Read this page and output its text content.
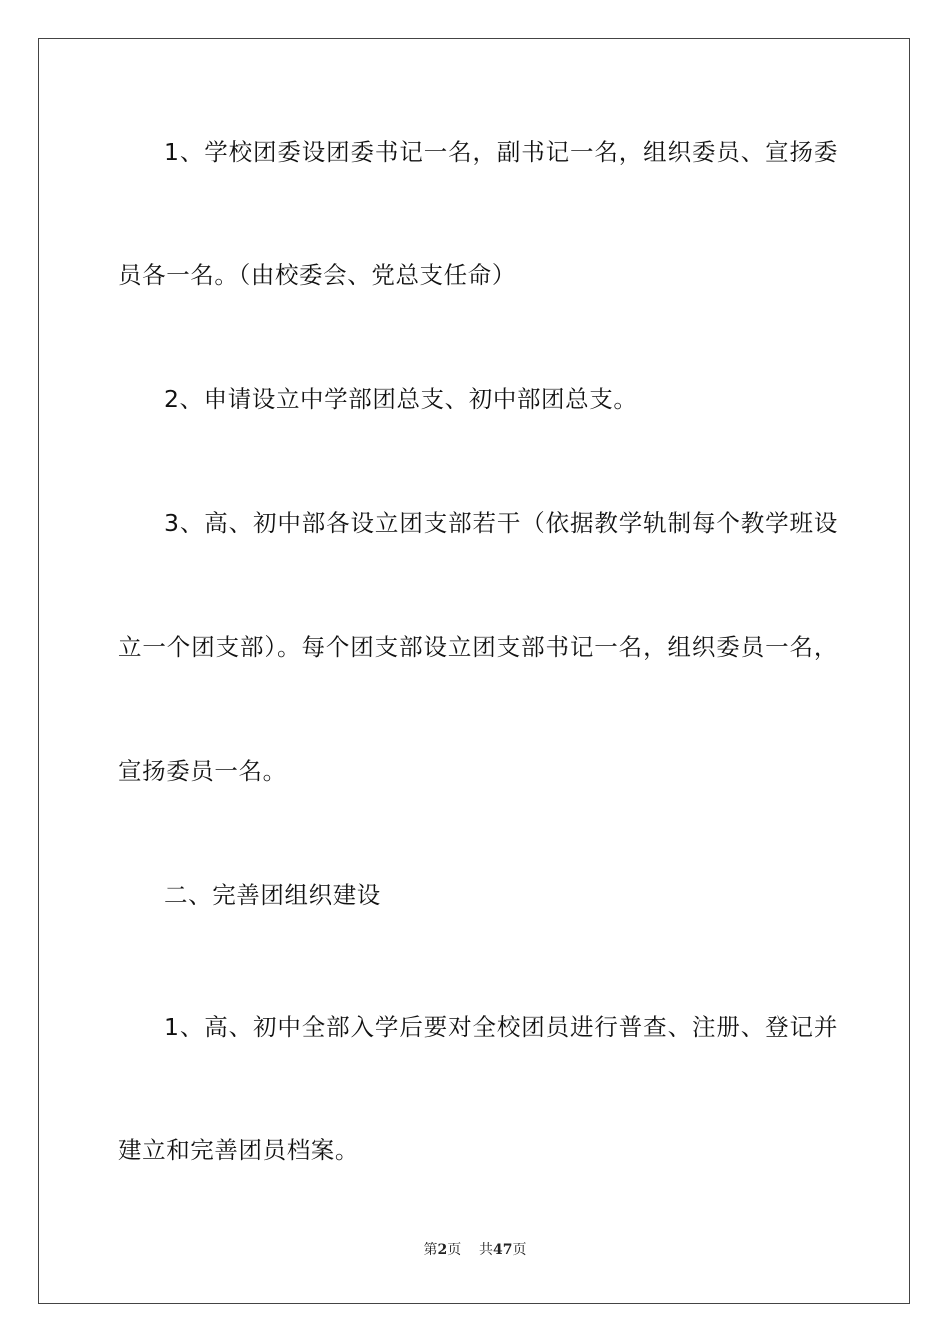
1、学校团委设团委书记一名，副书记一名，组织委员、宣扬委

员各一名。（由校委会、党总支任命）

2、申请设立中学部团总支、初中部团总支。

3、高、初中部各设立团支部若干（依据教学轨制每个教学班设

立一个团支部）。每个团支部设立团支部书记一名，组织委员一名，

宣扬委员一名。

二、完善团组织建设

1、高、初中全部入学后要对全校团员进行普查、注册、登记并

建立和完善团员档案。

第2页 共47页
